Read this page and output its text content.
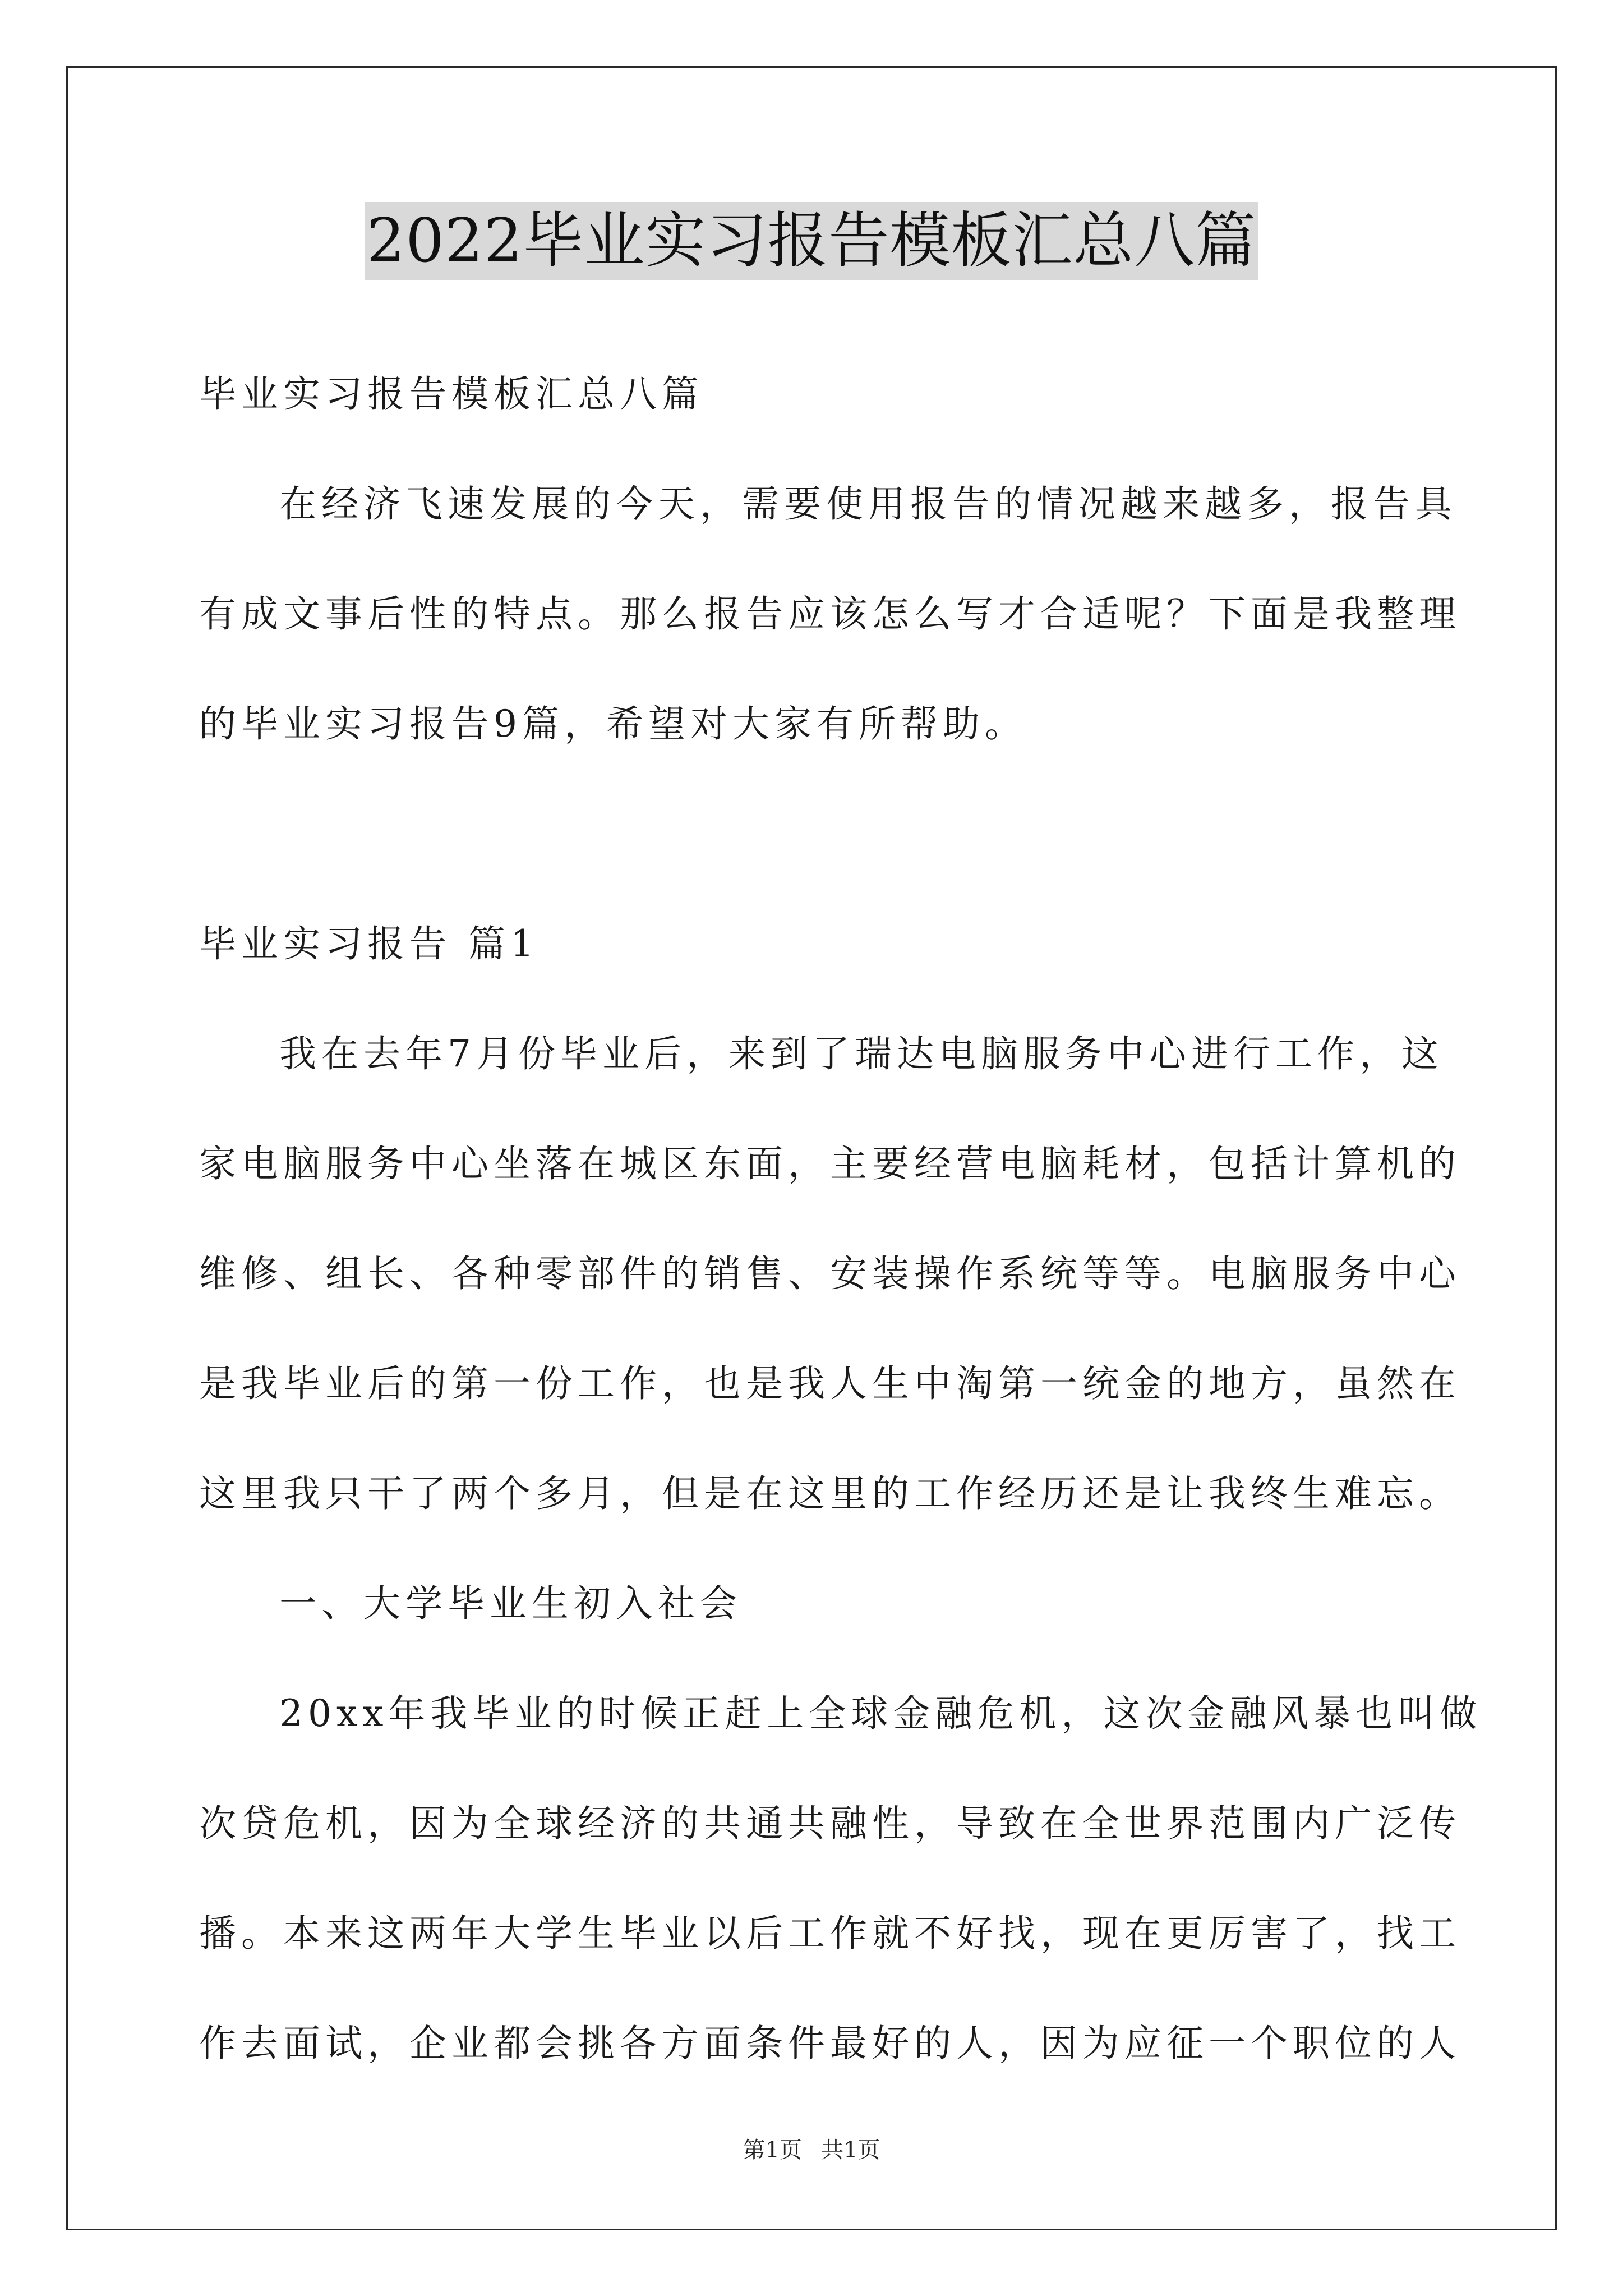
2022毕业实习报告模板汇总八篇
毕业实习报告模板汇总八篇
在经济飞速发展的今天，需要使用报告的情况越来越多，报告具
有成文事后性的特点。那么报告应该怎么写才合适呢？下面是我整理
的毕业实习报告9篇，希望对大家有所帮助。
毕业实习报告 篇1
我在去年7月份毕业后，来到了瑞达电脑服务中心进行工作，这
家电脑服务中心坐落在城区东面，主要经营电脑耗材，包括计算机的
维修、组长、各种零部件的销售、安装操作系统等等。电脑服务中心
是我毕业后的第一份工作，也是我人生中淘第一统金的地方，虽然在
这里我只干了两个多月，但是在这里的工作经历还是让我终生难忘。
一、大学毕业生初入社会
20xx年我毕业的时候正赶上全球金融危机，这次金融风暴也叫做
次贷危机，因为全球经济的共通共融性，导致在全世界范围内广泛传
播。本来这两年大学生毕业以后工作就不好找，现在更厉害了，找工
作去面试，企业都会挑各方面条件最好的人，因为应征一个职位的人
第1页 共1页
